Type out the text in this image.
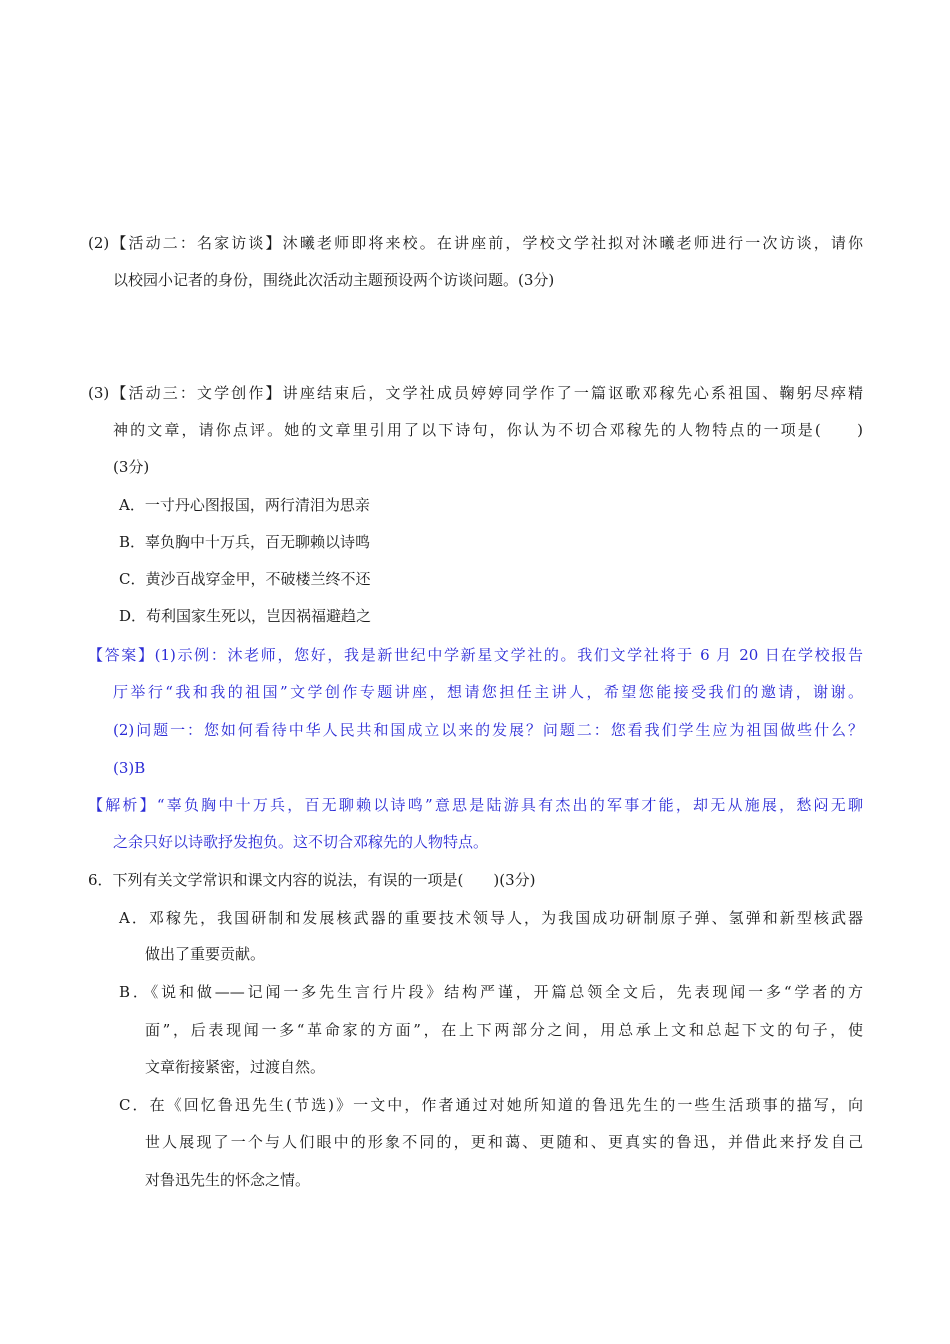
(2)【活动二：名家访谈】沐曦老师即将来校。在讲座前，学校文学社拟对沐曦老师进行一次访谈，请你
以校园小记者的身份，围绕此次活动主题预设两个访谈问题。(3分)
(3)【活动三：文学创作】讲座结束后，文学社成员婷婷同学作了一篇讴歌邓稼先心系祖国、鞠躬尽瘁精
神的文章，请你点评。她的文章里引用了以下诗句，你认为不切合邓稼先的人物特点的一项是(　　)
(3分)
A．一寸丹心图报国，两行清泪为思亲
B．辜负胸中十万兵，百无聊赖以诗鸣
C．黄沙百战穿金甲，不破楼兰终不还
D．苟利国家生死以，岂因祸福避趋之
【答案】(1)示例：沐老师，您好，我是新世纪中学新星文学社的。我们文学社将于 6 月 20 日在学校报告
厅举行“我和我的祖国”文学创作专题讲座，想请您担任主讲人，希望您能接受我们的邀请，谢谢。
(2)问题一：您如何看待中华人民共和国成立以来的发展？问题二：您看我们学生应为祖国做些什么？
(3)B
【解析】“辜负胸中十万兵，百无聊赖以诗鸣”意思是陆游具有杰出的军事才能，却无从施展，愁闷无聊
之余只好以诗歌抒发抱负。这不切合邓稼先的人物特点。
6．下列有关文学常识和课文内容的说法，有误的一项是(　　)(3分)
A．邓稼先，我国研制和发展核武器的重要技术领导人，为我国成功研制原子弹、氢弹和新型核武器
做出了重要贡献。
B．《说和做——记闻一多先生言行片段》结构严谨，开篇总领全文后，先表现闻一多“学者的方
面”，后表现闻一多“革命家的方面”，在上下两部分之间，用总承上文和总起下文的句子，使
文章衔接紧密，过渡自然。
C．在《回忆鲁迅先生(节选)》一文中，作者通过对她所知道的鲁迅先生的一些生活琐事的描写，向
世人展现了一个与人们眼中的形象不同的，更和蔼、更随和、更真实的鲁迅，并借此来抒发自己
对鲁迅先生的怀念之情。
